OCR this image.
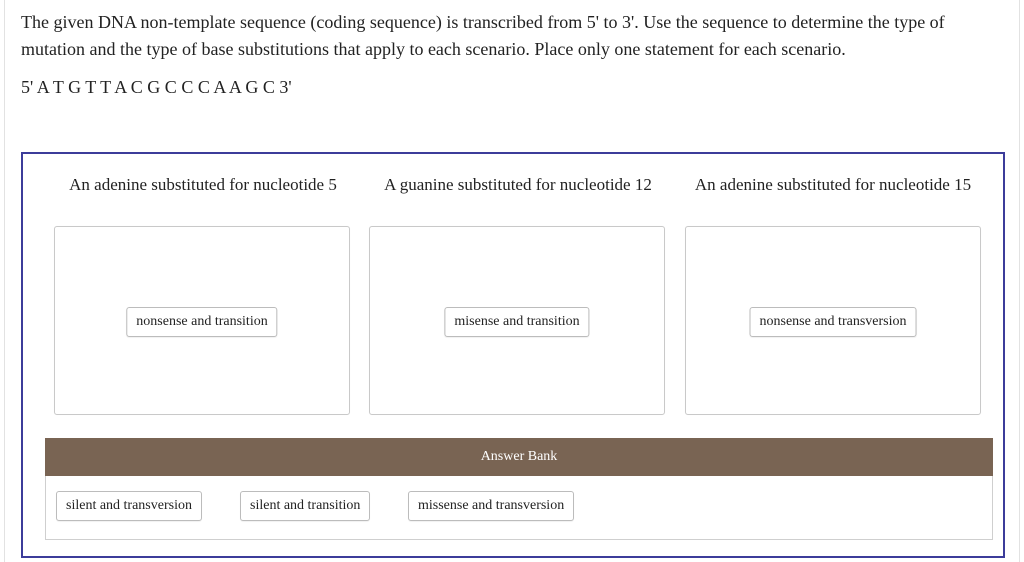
The given DNA non-template sequence (coding sequence) is transcribed from 5' to 3'. Use the sequence to determine the type of mutation and the type of base substitutions that apply to each scenario. Place only one statement for each scenario.

5' A T G T T A C G C C C A A G C 3'

An adenine substituted for nucleotide 5
nonsense and transition
A guanine substituted for nucleotide 12
misense and transition
An adenine substituted for nucleotide 15
nonsense and transversion
Answer Bank
silent and transversion	silent and transition	missense and transversion
